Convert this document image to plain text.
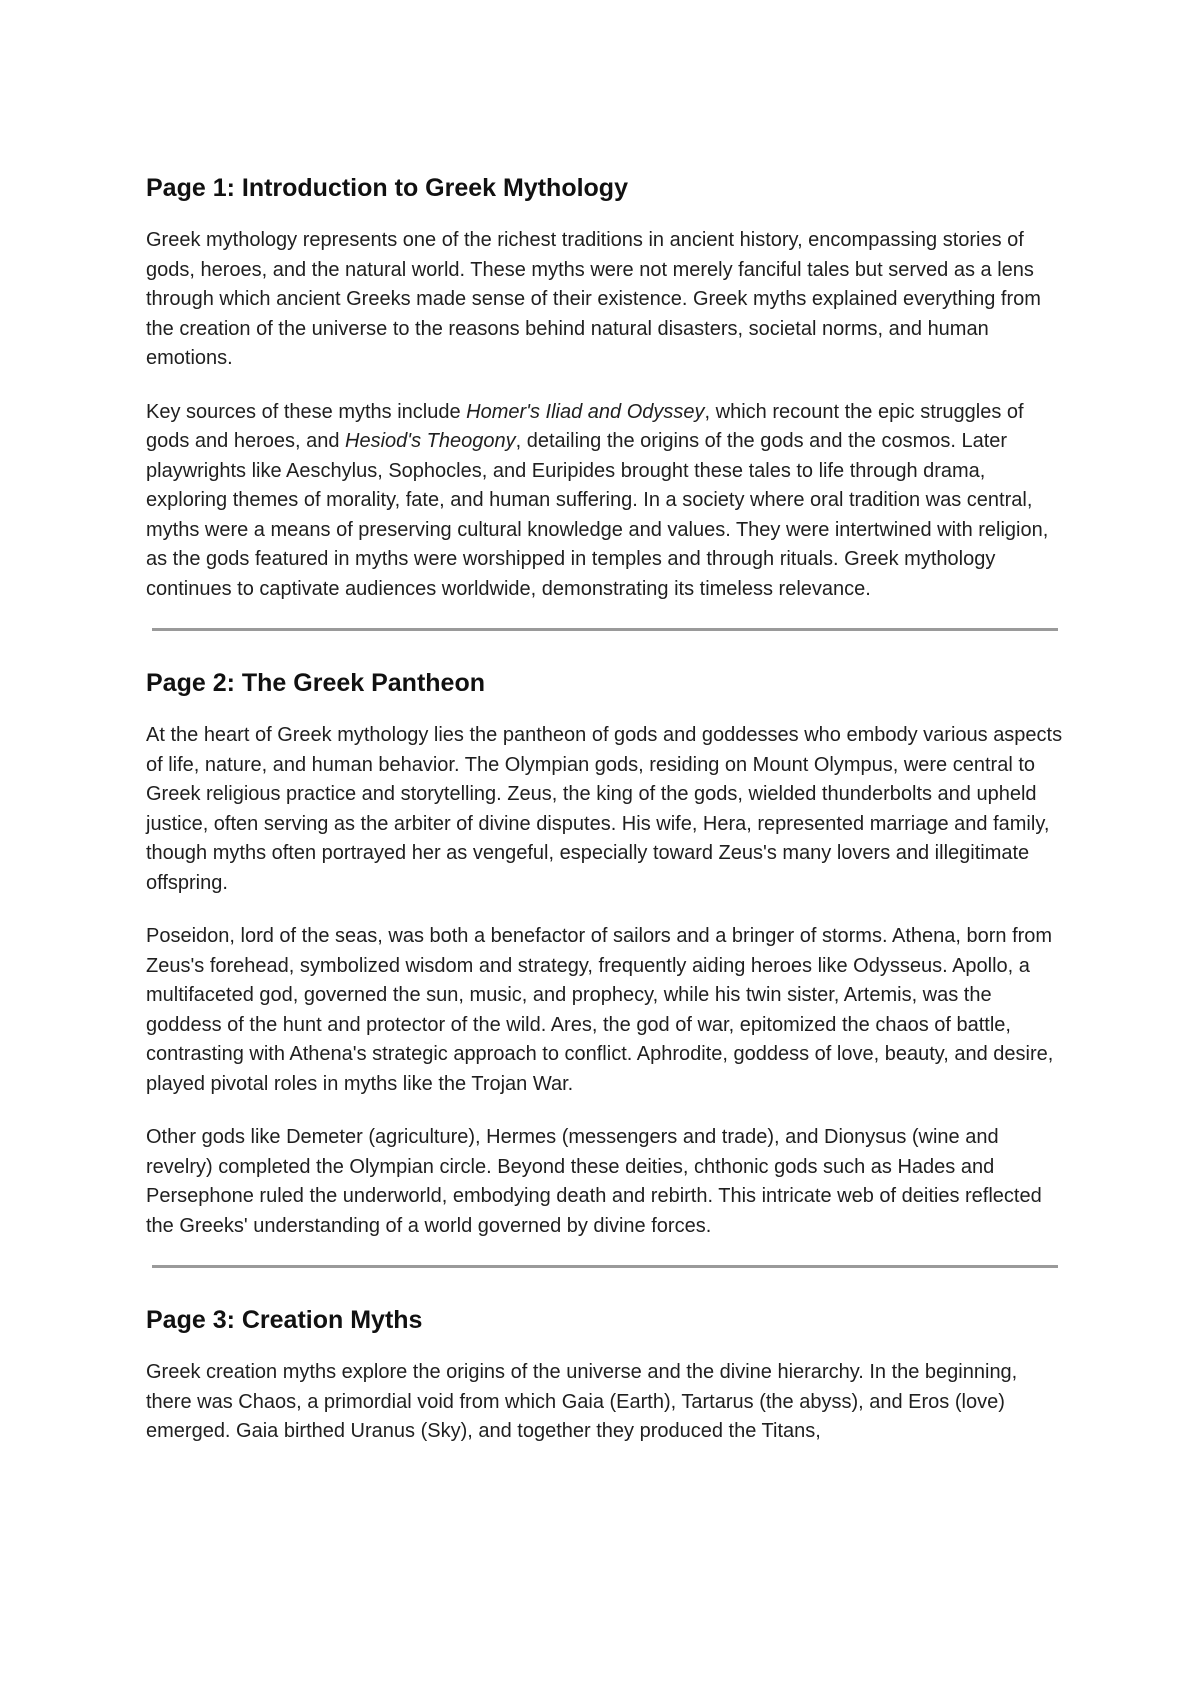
Page 1: Introduction to Greek Mythology

Greek mythology represents one of the richest traditions in ancient history, encompassing stories of gods, heroes, and the natural world. These myths were not merely fanciful tales but served as a lens through which ancient Greeks made sense of their existence. Greek myths explained everything from the creation of the universe to the reasons behind natural disasters, societal norms, and human emotions.

Key sources of these myths include Homer's Iliad and Odyssey, which recount the epic struggles of gods and heroes, and Hesiod's Theogony, detailing the origins of the gods and the cosmos. Later playwrights like Aeschylus, Sophocles, and Euripides brought these tales to life through drama, exploring themes of morality, fate, and human suffering. In a society where oral tradition was central, myths were a means of preserving cultural knowledge and values. They were intertwined with religion, as the gods featured in myths were worshipped in temples and through rituals. Greek mythology continues to captivate audiences worldwide, demonstrating its timeless relevance.

Page 2: The Greek Pantheon

At the heart of Greek mythology lies the pantheon of gods and goddesses who embody various aspects of life, nature, and human behavior. The Olympian gods, residing on Mount Olympus, were central to Greek religious practice and storytelling. Zeus, the king of the gods, wielded thunderbolts and upheld justice, often serving as the arbiter of divine disputes. His wife, Hera, represented marriage and family, though myths often portrayed her as vengeful, especially toward Zeus's many lovers and illegitimate offspring.

Poseidon, lord of the seas, was both a benefactor of sailors and a bringer of storms. Athena, born from Zeus's forehead, symbolized wisdom and strategy, frequently aiding heroes like Odysseus. Apollo, a multifaceted god, governed the sun, music, and prophecy, while his twin sister, Artemis, was the goddess of the hunt and protector of the wild. Ares, the god of war, epitomized the chaos of battle, contrasting with Athena's strategic approach to conflict. Aphrodite, goddess of love, beauty, and desire, played pivotal roles in myths like the Trojan War.

Other gods like Demeter (agriculture), Hermes (messengers and trade), and Dionysus (wine and revelry) completed the Olympian circle. Beyond these deities, chthonic gods such as Hades and Persephone ruled the underworld, embodying death and rebirth. This intricate web of deities reflected the Greeks' understanding of a world governed by divine forces.

Page 3: Creation Myths

Greek creation myths explore the origins of the universe and the divine hierarchy. In the beginning, there was Chaos, a primordial void from which Gaia (Earth), Tartarus (the abyss), and Eros (love) emerged. Gaia birthed Uranus (Sky), and together they produced the Titans,
